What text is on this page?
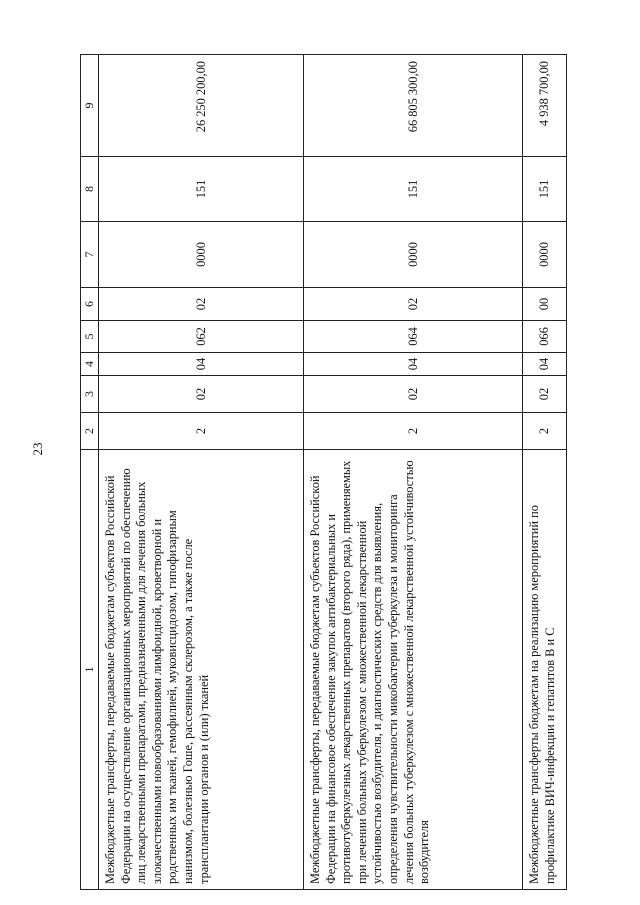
23
1	2	3	4	5	6	7	8	9
Межбюджетные трансферты, передаваемые бюджетам субъектов Российской Федерации на осуществление организационных мероприятий по обеспечению лиц лекарственными препаратами, предназначенными для лечения больных злокачественными новообразованиями лимфоидной, кроветворной и родственных им тканей, гемофилией, муковисцидозом, гипофизарным нанизмом, болезнью Гоше, рассеянным склерозом, а также после трансплантации органов и (или) тканей	2	02	04	062	02	0000	151	26 250 200,00
Межбюджетные трансферты, передаваемые бюджетам субъектов Российской Федерации на финансовое обеспечение закупок антибактериальных и противотуберкулезных лекарственных препаратов (второго ряда), применяемых при лечении больных туберкулезом с множественной лекарственной устойчивостью возбудителя, и диагностических средств для выявления, определения чувствительности микобактерии туберкулеза и мониторинга лечения больных туберкулезом с множественной лекарственной устойчивостью возбудителя	2	02	04	064	02	0000	151	66 805 300,00
Межбюджетные трансферты бюджетам на реализацию мероприятий по профилактике ВИЧ-инфекции и гепатитов B и C	2	02	04	066	00	0000	151	4 938 700,00
